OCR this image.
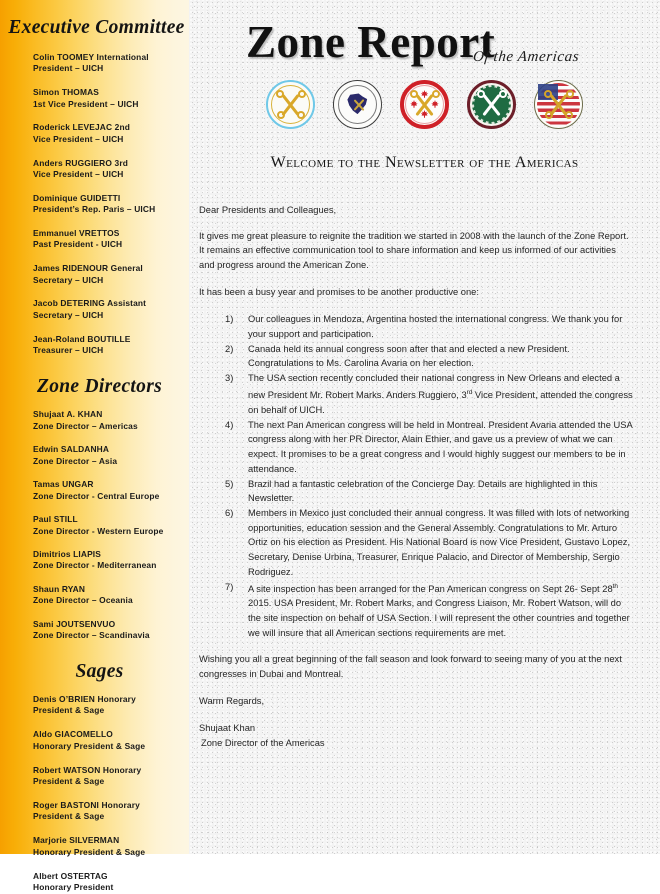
Executive Committee
Colin TOOMEY International
President – UICH
Simon THOMAS
1st Vice President – UICH
Roderick LEVEJAC 2nd
Vice President – UICH
Anders RUGGIERO 3rd
Vice President – UICH
Dominique GUIDETTI
President’s Rep. Paris – UICH
Emmanuel VRETTOS
Past President - UICH
James RIDENOUR General
Secretary – UICH
Jacob DETERING Assistant
Secretary – UICH
Jean-Roland BOUTILLE
Treasurer – UICH
Zone Directors
Shujaat A. KHAN
Zone Director – Americas
Edwin SALDANHA
Zone Director – Asia
Tamas UNGAR
Zone Director - Central Europe
Paul STILL
Zone Director - Western Europe
Dimitrios LIAPIS
Zone Director - Mediterranean
Shaun RYAN
Zone Director – Oceania
Sami JOUTSENVUO
Zone Director – Scandinavia
Sages
Denis O’BRIEN Honorary
President & Sage
Aldo GIACOMELLO
Honorary President & Sage
Robert WATSON Honorary
President & Sage
Roger BASTONI Honorary
President & Sage
Marjorie SILVERMAN
Honorary President & Sage
Albert OSTERTAG
Honorary President
Zone Report
Of the Americas
Welcome to the Newsletter of the Americas

Dear Presidents and Colleagues,

It gives me great pleasure to reignite the tradition we started in 2008 with the launch of the Zone Report. It remains an effective communication tool to share information and keep us informed of our activities and progress around the American Zone.

It has been a busy year and promises to be another productive one:

Our colleagues in Mendoza, Argentina hosted the international congress. We thank you for your support and participation.
Canada held its annual congress soon after that and elected a new President. Congratulations to Ms. Carolina Avaria on her election.
The USA section recently concluded their national congress in New Orleans and elected a new President Mr. Robert Marks. Anders Ruggiero, 3rd Vice President, attended the congress on behalf of UICH.
The next Pan American congress will be held in Montreal. President Avaria attended the USA congress along with her PR Director, Alain Ethier, and gave us a preview of what we can expect. It promises to be a great congress and I would highly suggest our members to be in attendance.
Brazil had a fantastic celebration of the Concierge Day. Details are highlighted in this Newsletter.
Members in Mexico just concluded their annual congress. It was filled with lots of networking opportunities, education session and the General Assembly. Congratulations to Mr. Arturo Ortiz on his election as President. His National Board is now Vice President, Gustavo Lopez, Secretary, Denise Urbina, Treasurer, Enrique Palacio, and Director of Membership, Sergio Rodriguez.
A site inspection has been arranged for the Pan American congress on Sept 26- Sept 28th 2015. USA President, Mr. Robert Marks, and Congress Liaison, Mr. Robert Watson, will do the site inspection on behalf of USA Section. I will represent the other countries and together we will insure that all American sections requirements are met.

Wishing you all a great beginning of the fall season and look forward to seeing many of you at the next congresses in Dubai and Montreal.

Warm Regards,

Shujaat Khan

Zone Director of the Americas
